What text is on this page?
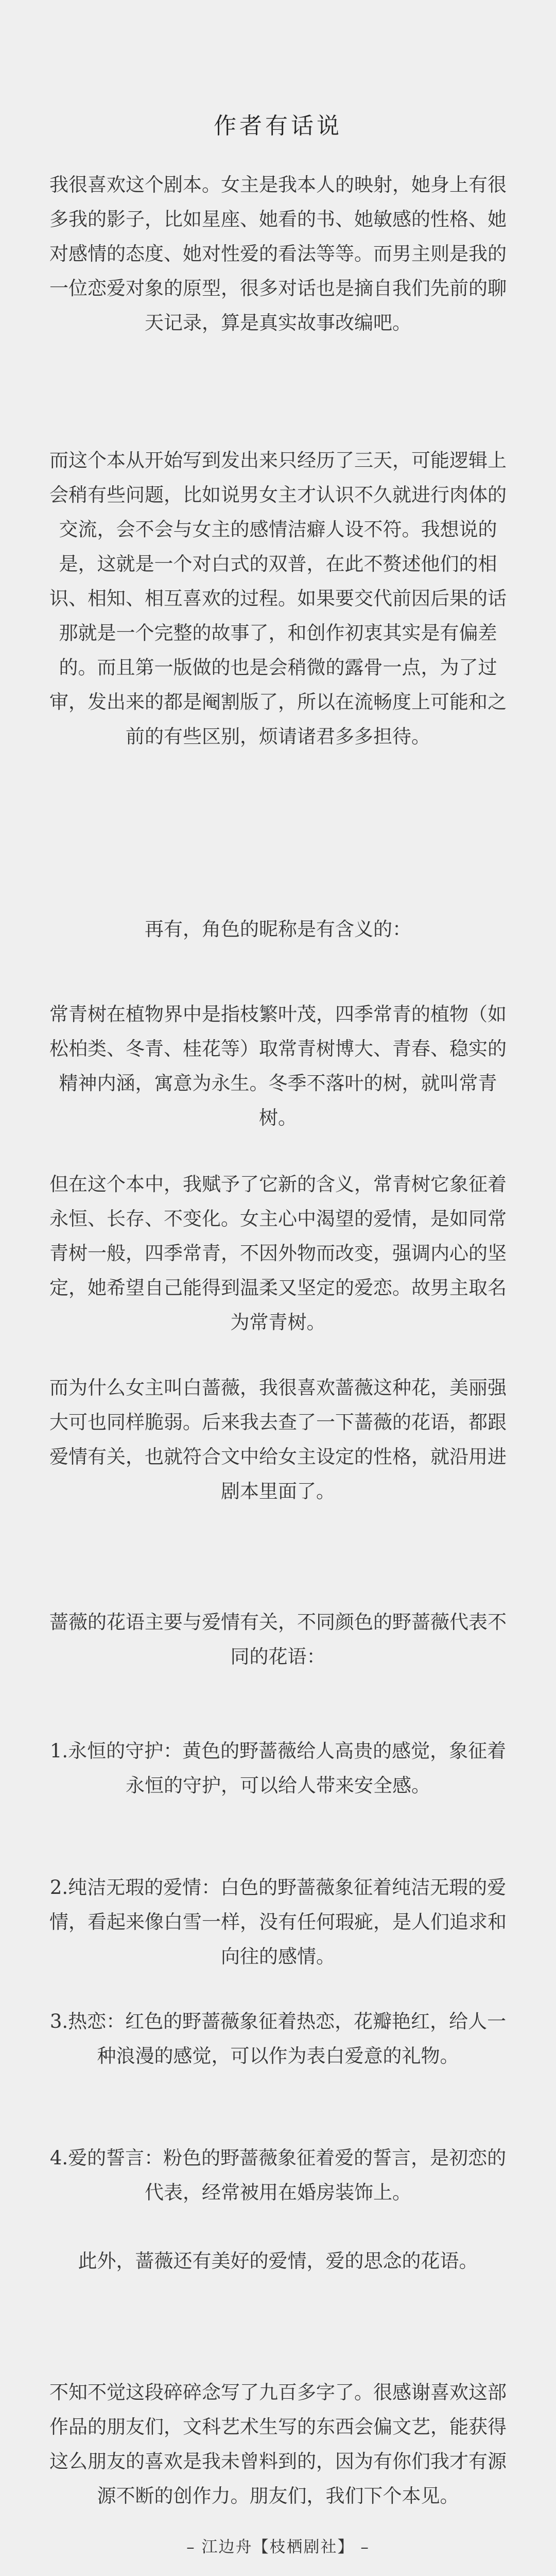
作者有话说
我很喜欢这个剧本。女主是我本人的映射，她身上有很多我的影子，比如星座、她看的书、她敏感的性格、她对感情的态度、她对性爱的看法等等。而男主则是我的一位恋爱对象的原型，很多对话也是摘自我们先前的聊天记录，算是真实故事改编吧。
而这个本从开始写到发出来只经历了三天，可能逻辑上会稍有些问题，比如说男女主才认识不久就进行肉体的交流，会不会与女主的感情洁癖人设不符。我想说的是，这就是一个对白式的双普，在此不赘述他们的相识、相知、相互喜欢的过程。如果要交代前因后果的话那就是一个完整的故事了，和创作初衷其实是有偏差的。而且第一版做的也是会稍微的露骨一点，为了过审，发出来的都是阉割版了，所以在流畅度上可能和之前的有些区别，烦请诸君多多担待。
再有，角色的昵称是有含义的：
常青树在植物界中是指枝繁叶茂，四季常青的植物（如松柏类、冬青、桂花等）取常青树博大、青春、稳实的精神内涵，寓意为永生。冬季不落叶的树，就叫常青树。
但在这个本中，我赋予了它新的含义，常青树它象征着永恒、长存、不变化。女主心中渴望的爱情，是如同常青树一般，四季常青，不因外物而改变，强调内心的坚定，她希望自己能得到温柔又坚定的爱恋。故男主取名为常青树。
而为什么女主叫白蔷薇，我很喜欢蔷薇这种花，美丽强大可也同样脆弱。后来我去查了一下蔷薇的花语，都跟爱情有关，也就符合文中给女主设定的性格，就沿用进剧本里面了。
蔷薇的花语主要与爱情有关，不同颜色的野蔷薇代表不同的花语：
1.永恒的守护：黄色的野蔷薇给人高贵的感觉，象征着永恒的守护，可以给人带来安全感。
2.纯洁无瑕的爱情：白色的野蔷薇象征着纯洁无瑕的爱情，看起来像白雪一样，没有任何瑕疵，是人们追求和向往的感情。
3.热恋：红色的野蔷薇象征着热恋，花瓣艳红，给人一种浪漫的感觉，可以作为表白爱意的礼物。
4.爱的誓言：粉色的野蔷薇象征着爱的誓言，是初恋的代表，经常被用在婚房装饰上。
此外，蔷薇还有美好的爱情，爱的思念的花语。
不知不觉这段碎碎念写了九百多字了。很感谢喜欢这部作品的朋友们，文科艺术生写的东西会偏文艺，能获得这么朋友的喜欢是我未曾料到的，因为有你们我才有源源不断的创作力。朋友们，我们下个本见。
– 江边舟【枝栖剧社】 –
